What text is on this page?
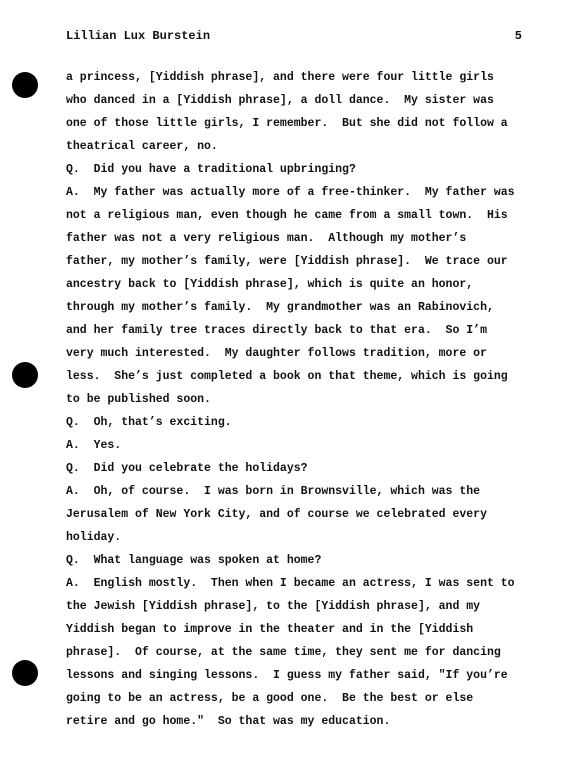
Lillian Lux Burstein	5
a princess, [Yiddish phrase], and there were four little girls
who danced in a [Yiddish phrase], a doll dance.  My sister was
one of those little girls, I remember.  But she did not follow a
theatrical career, no.
Q.  Did you have a traditional upbringing?
A.  My father was actually more of a free-thinker.  My father was
not a religious man, even though he came from a small town.  His
father was not a very religious man.  Although my mother’s
father, my mother’s family, were [Yiddish phrase].  We trace our
ancestry back to [Yiddish phrase], which is quite an honor,
through my mother’s family.  My grandmother was an Rabinovich,
and her family tree traces directly back to that era.  So I’m
very much interested.  My daughter follows tradition, more or
less.  She’s just completed a book on that theme, which is going
to be published soon.
Q.  Oh, that’s exciting.
A.  Yes.
Q.  Did you celebrate the holidays?
A.  Oh, of course.  I was born in Brownsville, which was the
Jerusalem of New York City, and of course we celebrated every
holiday.
Q.  What language was spoken at home?
A.  English mostly.  Then when I became an actress, I was sent to
the Jewish [Yiddish phrase], to the [Yiddish phrase], and my
Yiddish began to improve in the theater and in the [Yiddish
phrase].  Of course, at the same time, they sent me for dancing
lessons and singing lessons.  I guess my father said, "If you’re
going to be an actress, be a good one.  Be the best or else
retire and go home."  So that was my education.
